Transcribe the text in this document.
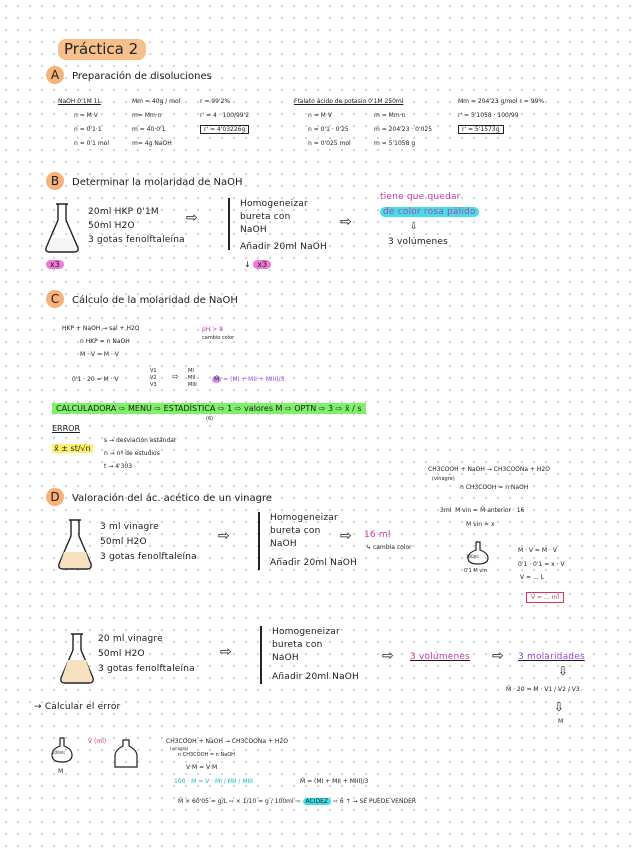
Práctica 2
A Preparación de disoluciones
NaOH 0'1M 1L
n = M·V
n = 0'1·1
n = 0'1 mol
Mm = 40g / mol
m= Mm·n
m = 40·0'1
m= 4g NaOH
r = 99'2%
r' = 4 · 100/99'2
r' = 4'03226g
Ftalato ácido de potasio 0'1M 250ml
n = M·V
n = 0'1 · 0'25
n = 0'025 mol
m = Mm·n
m = 204'23 · 0'025
m = 5'1058 g
Mm = 204'23 g/mol r = 99%
r' = 5'1058 · 100/99
r' = 5'1573g
B Determinar la molaridad de NaOH
x3
20ml HKP 0'1M
50ml H2O
3 gotas fenolftaleína
⇨
Homogeneizar
bureta con
NaOH
Añadir 20ml NaOH
↓ x3
⇨
tiene que quedar
de color rosa pálido
⇩
3 volúmenes
C Cálculo de la molaridad de NaOH
HKP + NaOH → sal + H2O
n HKP = n NaOH
M · V = M · V
pH > 8
cambio color
0'1 · 20 = M · V
V1
V2
V3
⇨
MI
MII
MIII
M̄ = (MI + MII + MIII)/3
CALCULADORA ⇨ MENU ⇨ ESTADÍSTICA ⇨ 1 ⇨ valores M ⇨ OPTN ⇨ 3 ⇨ x̄ / s
(6)
ERROR
x̄ ± st/√n
s → desviación estándar
n → nº de estudios
t → 4'303
D Valoración del ác. acético de un vinagre
CH3COOH + NaOH → CH3COONa + H2O
(vinagre)
n CH3COOH = n NaOH
3ml M vin = M̄ anterior · 16
M vin = x
100ml
0'1 M vin
M · V = M · V
0'1 · 0'1 = x · V
V = ... L
V = ... ml
3 ml vinagre
50ml H2O
3 gotas fenolftaleína
⇨
Homogeneizar
bureta con
NaOH
Añadir 20ml NaOH
⇨ 16 ml
↳ cambia color
20 ml vinagre
50ml H2O
3 gotas fenolftaleína
⇨
Homogeneizar
bureta con
NaOH
Añadir 20ml NaOH
⇨ 3 volúmenes ⇨ 3 molaridades
⇩
M̄ · 20 = M · V1 / V2 / V3
⇩
M
→ Calcular el error
100ml
M
V (ml)	CH3COOH + NaOH → CH3COONa + H2O
(vinagre)
n CH3COOH = n NaOH
V·M = V·M
100 · M = V · MI / MII / MIII	M̄ = (MI + MII + MIII)/3
M̄ × 60'05 = g/L ⇨ × 1/10 = g / 100ml ⇨ ACIDEZ ⇨ 6 ↑ → SE PUEDE VENDER
